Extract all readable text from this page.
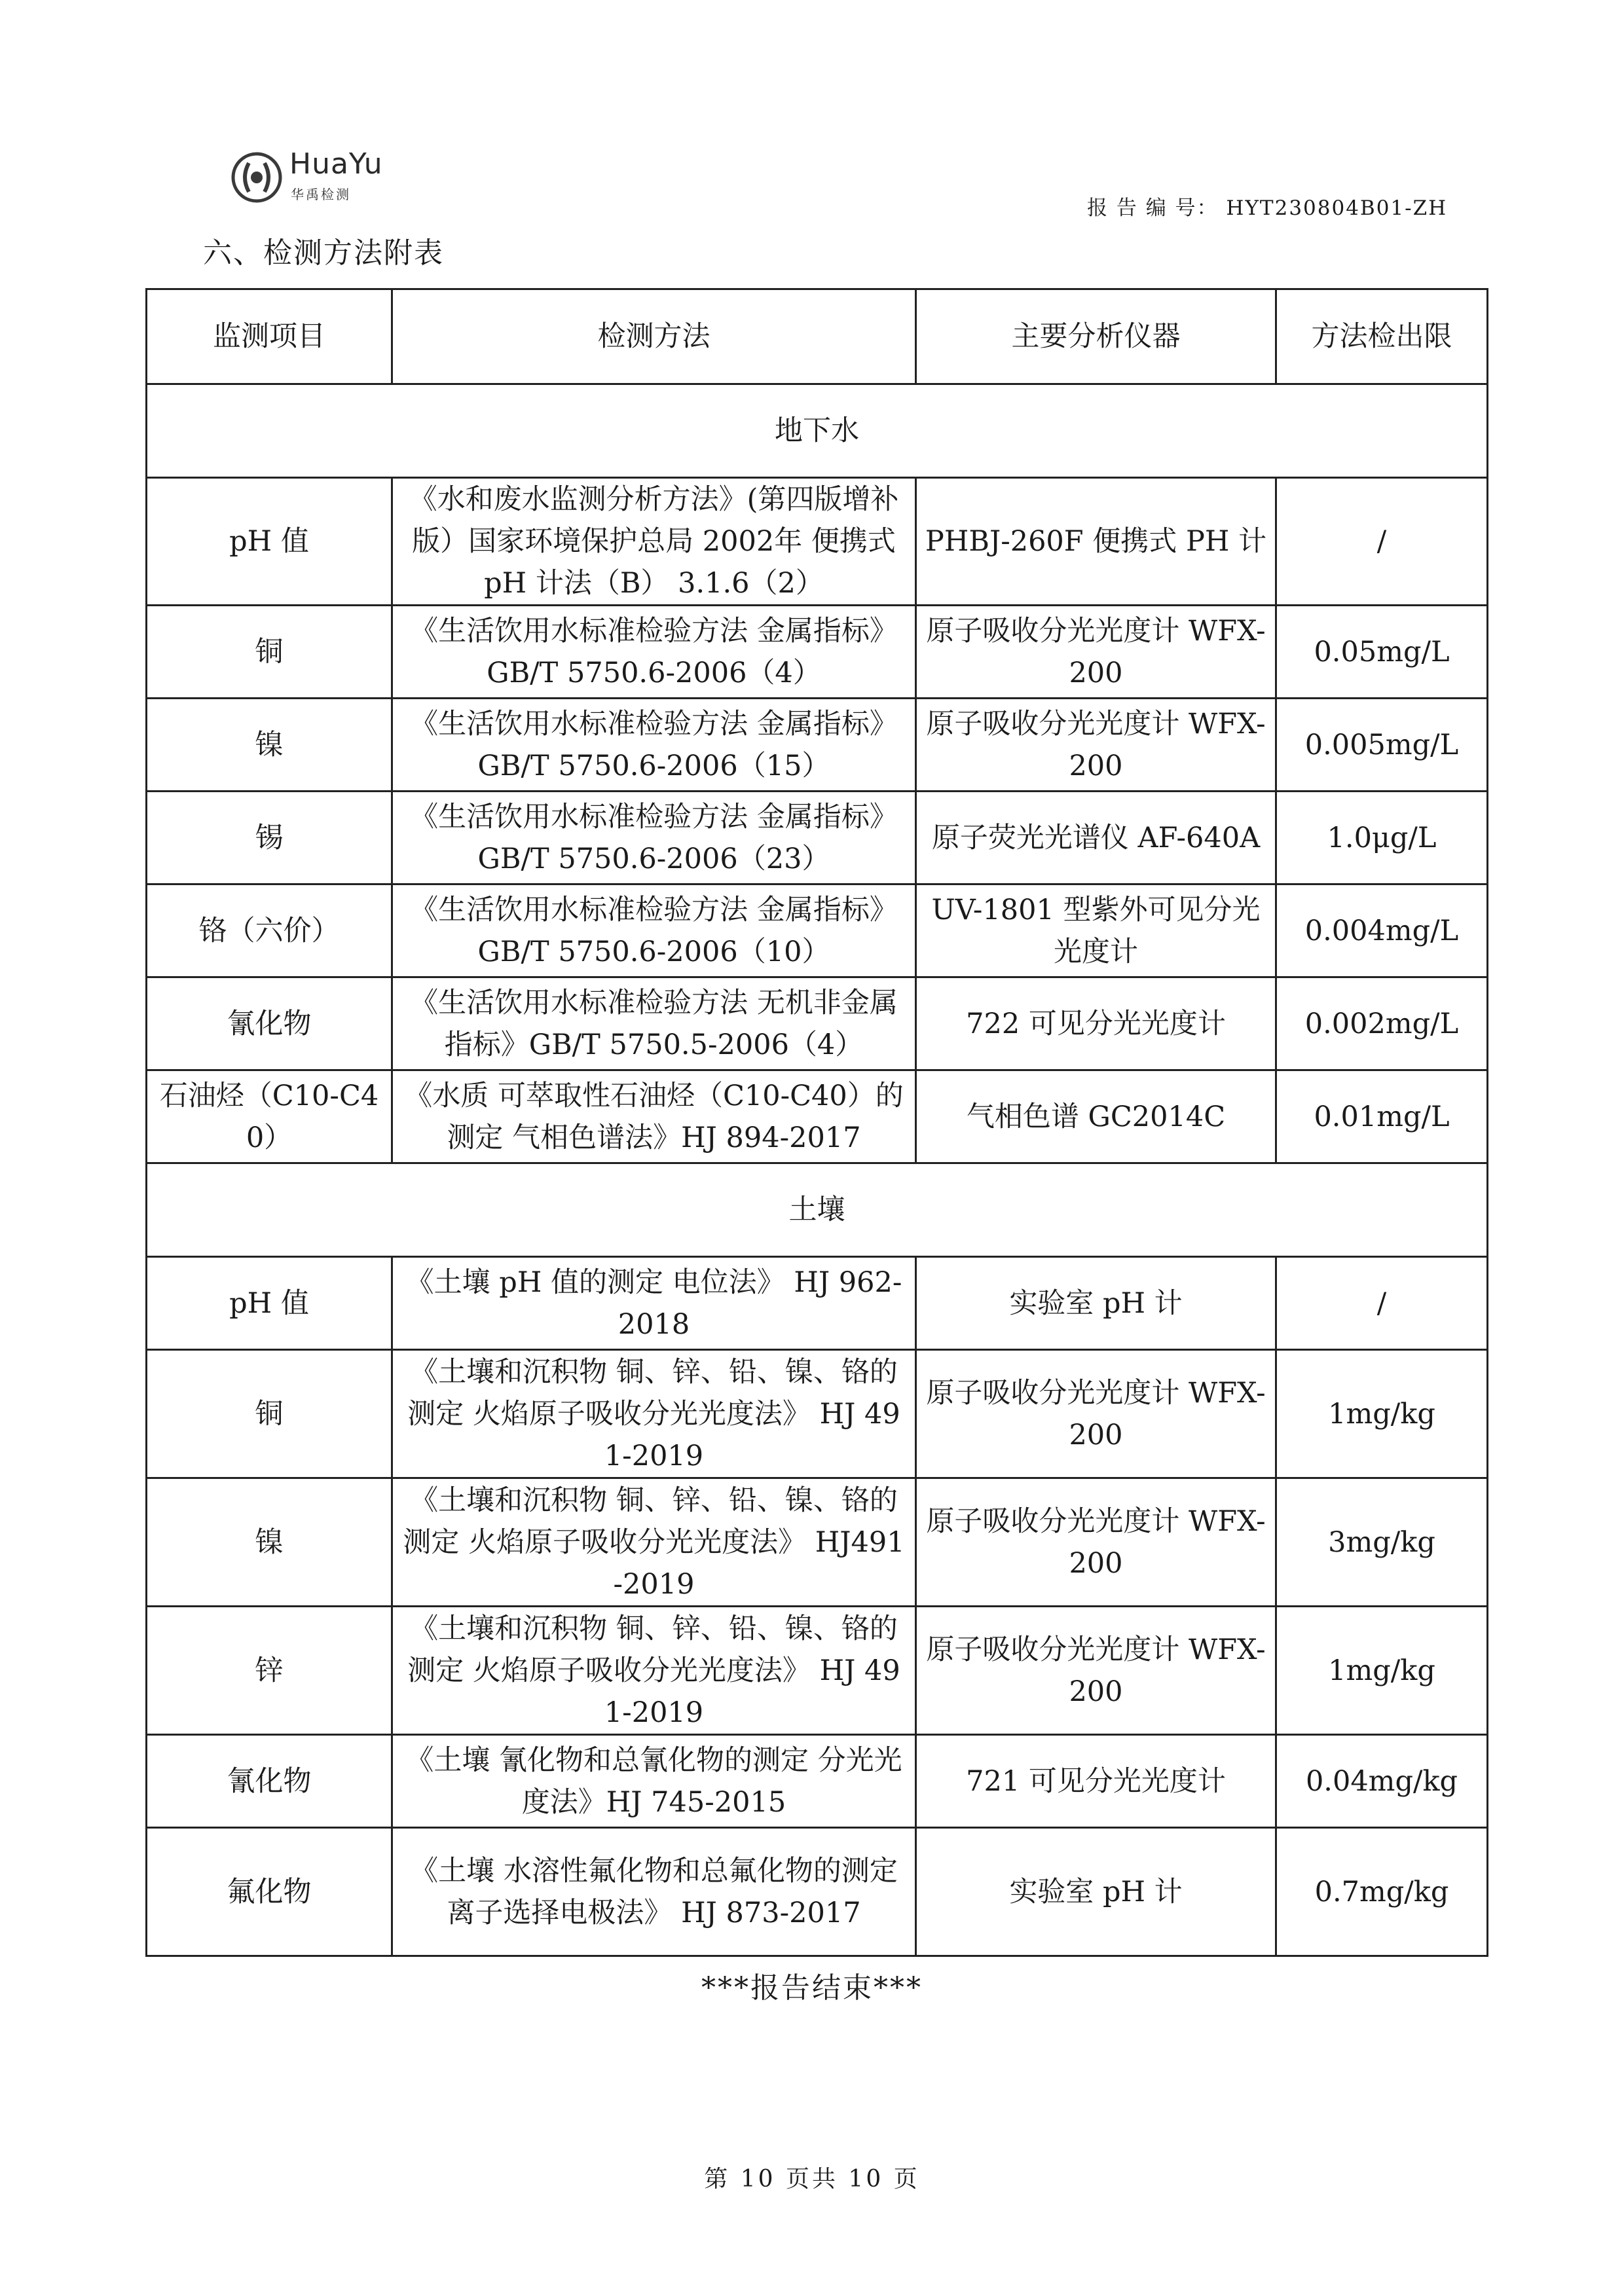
HuaYu
华禹检测
报 告 编 号： HYT230804B01-ZH
六、检测方法附表
监测项目	检测方法	主要分析仪器	方法检出限
地下水			
pH 值	《水和废水监测分析方法》(第四版增补版）国家环境保护总局 2002年 便携式 pH 计法（B） 3.1.6（2）	PHBJ-260F 便携式 PH 计	/
铜	《生活饮用水标准检验方法 金属指标》 GB/T 5750.6-2006（4）	原子吸收分光光度计 WFX-200	0.05mg/L
镍	《生活饮用水标准检验方法 金属指标》 GB/T 5750.6-2006（15）	原子吸收分光光度计 WFX-200	0.005mg/L
锡	《生活饮用水标准检验方法 金属指标》 GB/T 5750.6-2006（23）	原子荧光光谱仪 AF-640A	1.0μg/L
铬（六价）	《生活饮用水标准检验方法 金属指标》 GB/T 5750.6-2006（10）	UV-1801 型紫外可见分光光度计	0.004mg/L
氰化物	《生活饮用水标准检验方法 无机非金属指标》GB/T 5750.5-2006（4）	722 可见分光光度计	0.002mg/L
石油烃（C10-C40）	《水质 可萃取性石油烃（C10-C40）的测定 气相色谱法》HJ 894-2017	气相色谱 GC2014C	0.01mg/L
土壤			
pH 值	《土壤 pH 值的测定 电位法》 HJ 962-2018	实验室 pH 计	/
铜	《土壤和沉积物 铜、锌、铅、镍、铬的测定 火焰原子吸收分光光度法》 HJ 491-2019	原子吸收分光光度计 WFX-200	1mg/kg
镍	《土壤和沉积物 铜、锌、铅、镍、铬的测定 火焰原子吸收分光光度法》 HJ491-2019	原子吸收分光光度计 WFX-200	3mg/kg
锌	《土壤和沉积物 铜、锌、铅、镍、铬的测定 火焰原子吸收分光光度法》 HJ 491-2019	原子吸收分光光度计 WFX-200	1mg/kg
氰化物	《土壤 氰化物和总氰化物的测定 分光光度法》HJ 745-2015	721 可见分光光度计	0.04mg/kg
氟化物	《土壤 水溶性氟化物和总氟化物的测定 离子选择电极法》 HJ 873-2017	实验室 pH 计	0.7mg/kg
***报告结束***
第 10 页共 10 页
